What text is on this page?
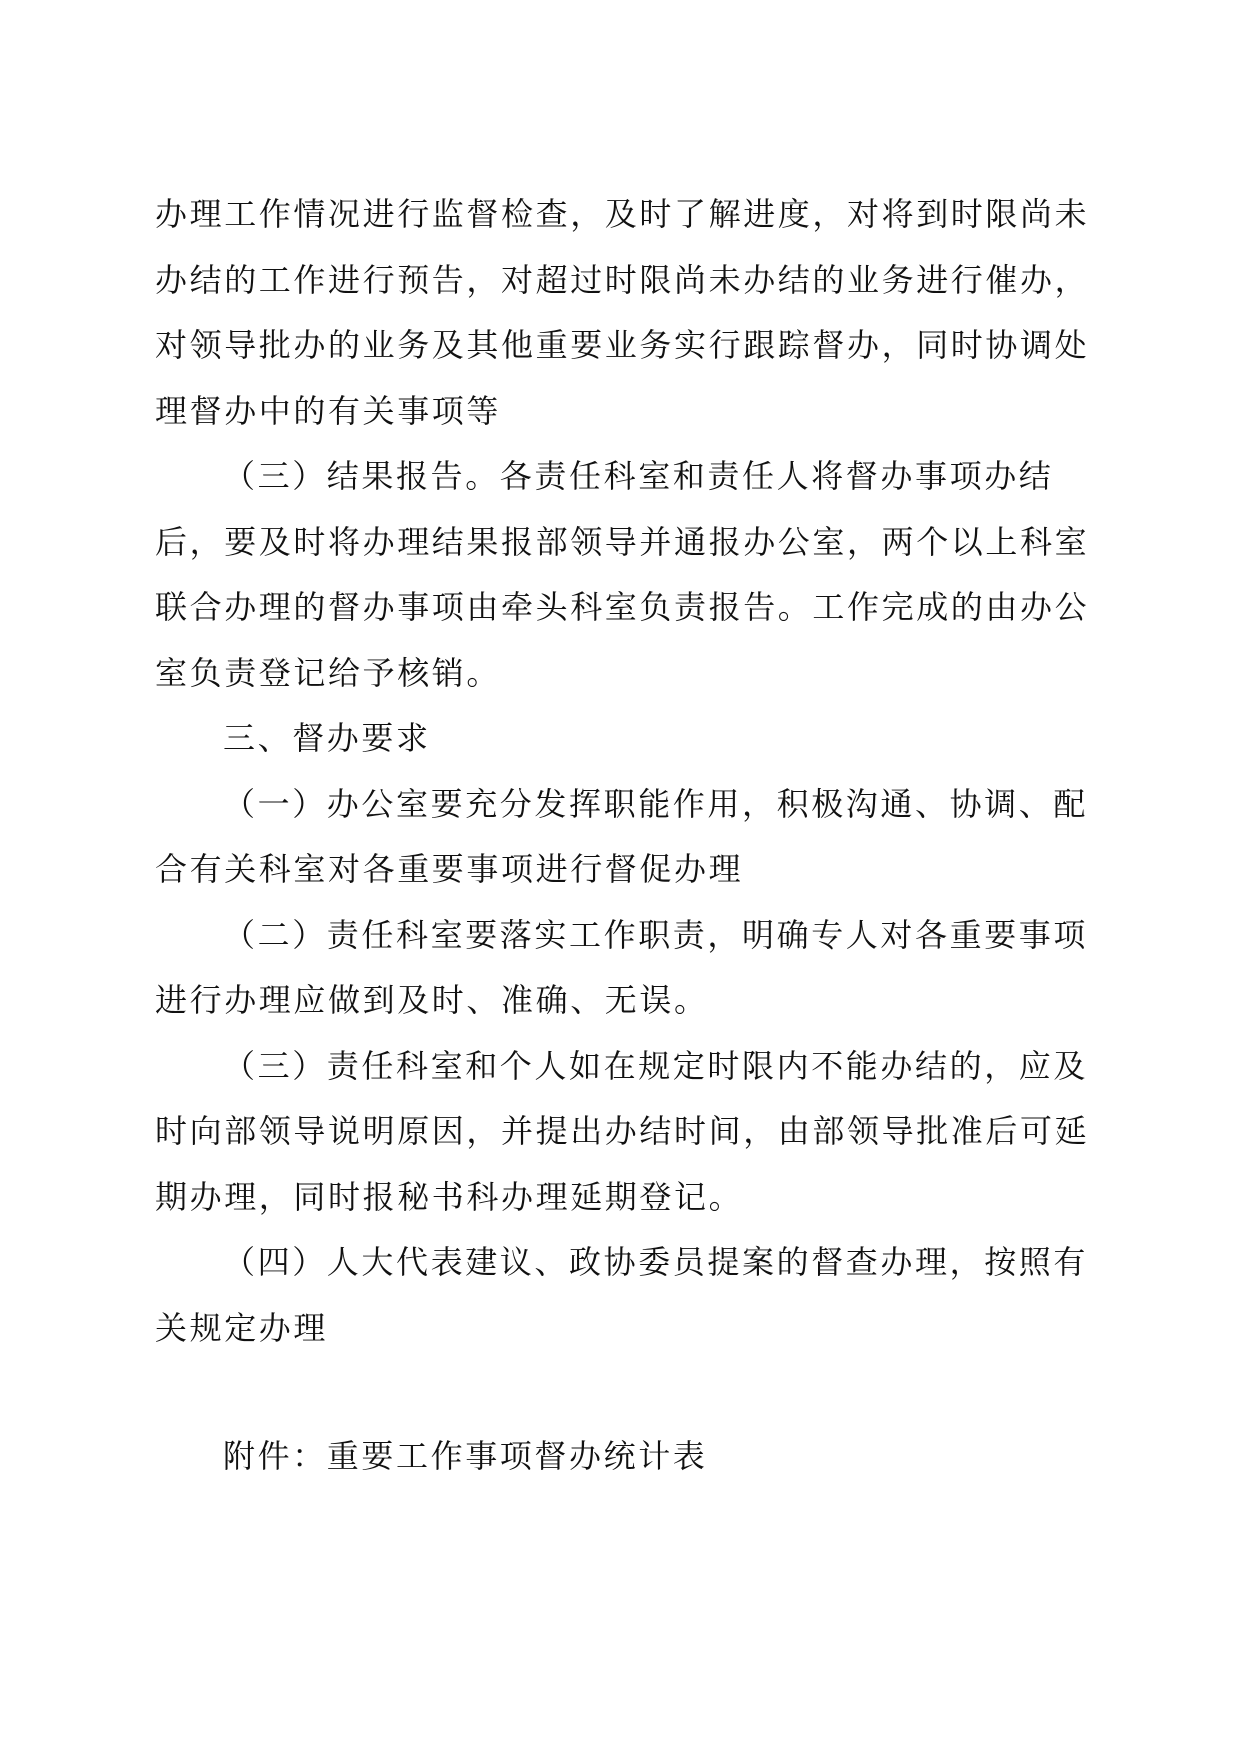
办理工作情况进行监督检查，及时了解进度，对将到时限尚未

办结的工作进行预告，对超过时限尚未办结的业务进行催办，

对领导批办的业务及其他重要业务实行跟踪督办，同时协调处

理督办中的有关事项等

（三）结果报告。各责任科室和责任人将督办事项办结

后，要及时将办理结果报部领导并通报办公室，两个以上科室

联合办理的督办事项由牵头科室负责报告。工作完成的由办公

室负责登记给予核销。

三、督办要求

（一）办公室要充分发挥职能作用，积极沟通、协调、配

合有关科室对各重要事项进行督促办理

（二）责任科室要落实工作职责，明确专人对各重要事项

进行办理应做到及时、准确、无误。

（三）责任科室和个人如在规定时限内不能办结的，应及

时向部领导说明原因，并提出办结时间，由部领导批准后可延

期办理，同时报秘书科办理延期登记。

（四）人大代表建议、政协委员提案的督查办理，按照有

关规定办理

附件：重要工作事项督办统计表
